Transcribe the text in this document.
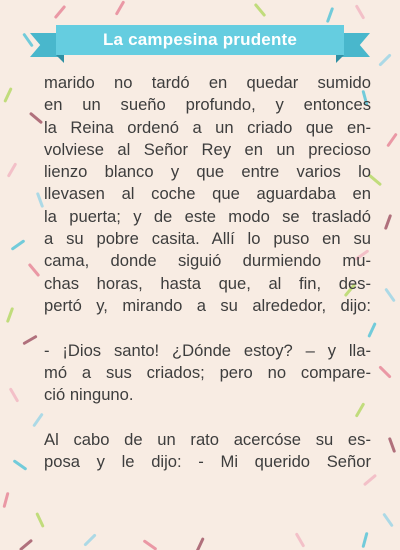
La campesina prudente
marido no tardó en quedar sumido
en un sueño profundo, y entonces
la Reina ordenó a un criado que en-
volviese al Señor Rey en un precioso
lienzo blanco y que entre varios lo
llevasen al coche que aguardaba en
la puerta; y de este modo se trasladó
a su pobre casita. Allí lo puso en su
cama, donde siguió durmiendo mu-
chas horas, hasta que, al fin, des-
pertó y, mirando a su alrededor, dijo:
- ¡Dios santo! ¿Dónde estoy? – y lla-
mó a sus criados; pero no compare-
ció ninguno.
Al cabo de un rato acercóse su es-
posa y le dijo: - Mi querido Señor
